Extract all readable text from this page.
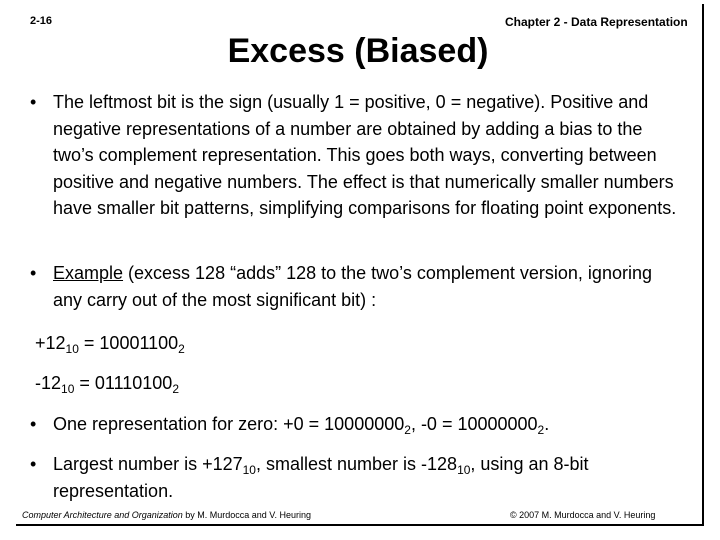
2-16	Chapter 2 - Data Representation
Excess (Biased)
• The leftmost bit is the sign (usually 1 = positive, 0 = negative). Positive and negative representations of a number are obtained by adding a bias to the two’s complement representation. This goes both ways, converting between positive and negative numbers. The effect is that numerically smaller numbers have smaller bit patterns, simplifying comparisons for floating point exponents.
• Example (excess 128 “adds” 128 to the two’s complement version, ignoring any carry out of the most significant bit) :
$+12_{10} = 10001100_2$
$-12_{10} = 01110100_2$
• One representation for zero: $+0 = 10000000_2$, $-0 = 10000000_2$.
• Largest number is $+127_{10}$, smallest number is $-128_{10}$, using an 8-bit representation.
Computer Architecture and Organization by M. Murdocca and V. Heuring	© 2007 M. Murdocca and V. Heuring
